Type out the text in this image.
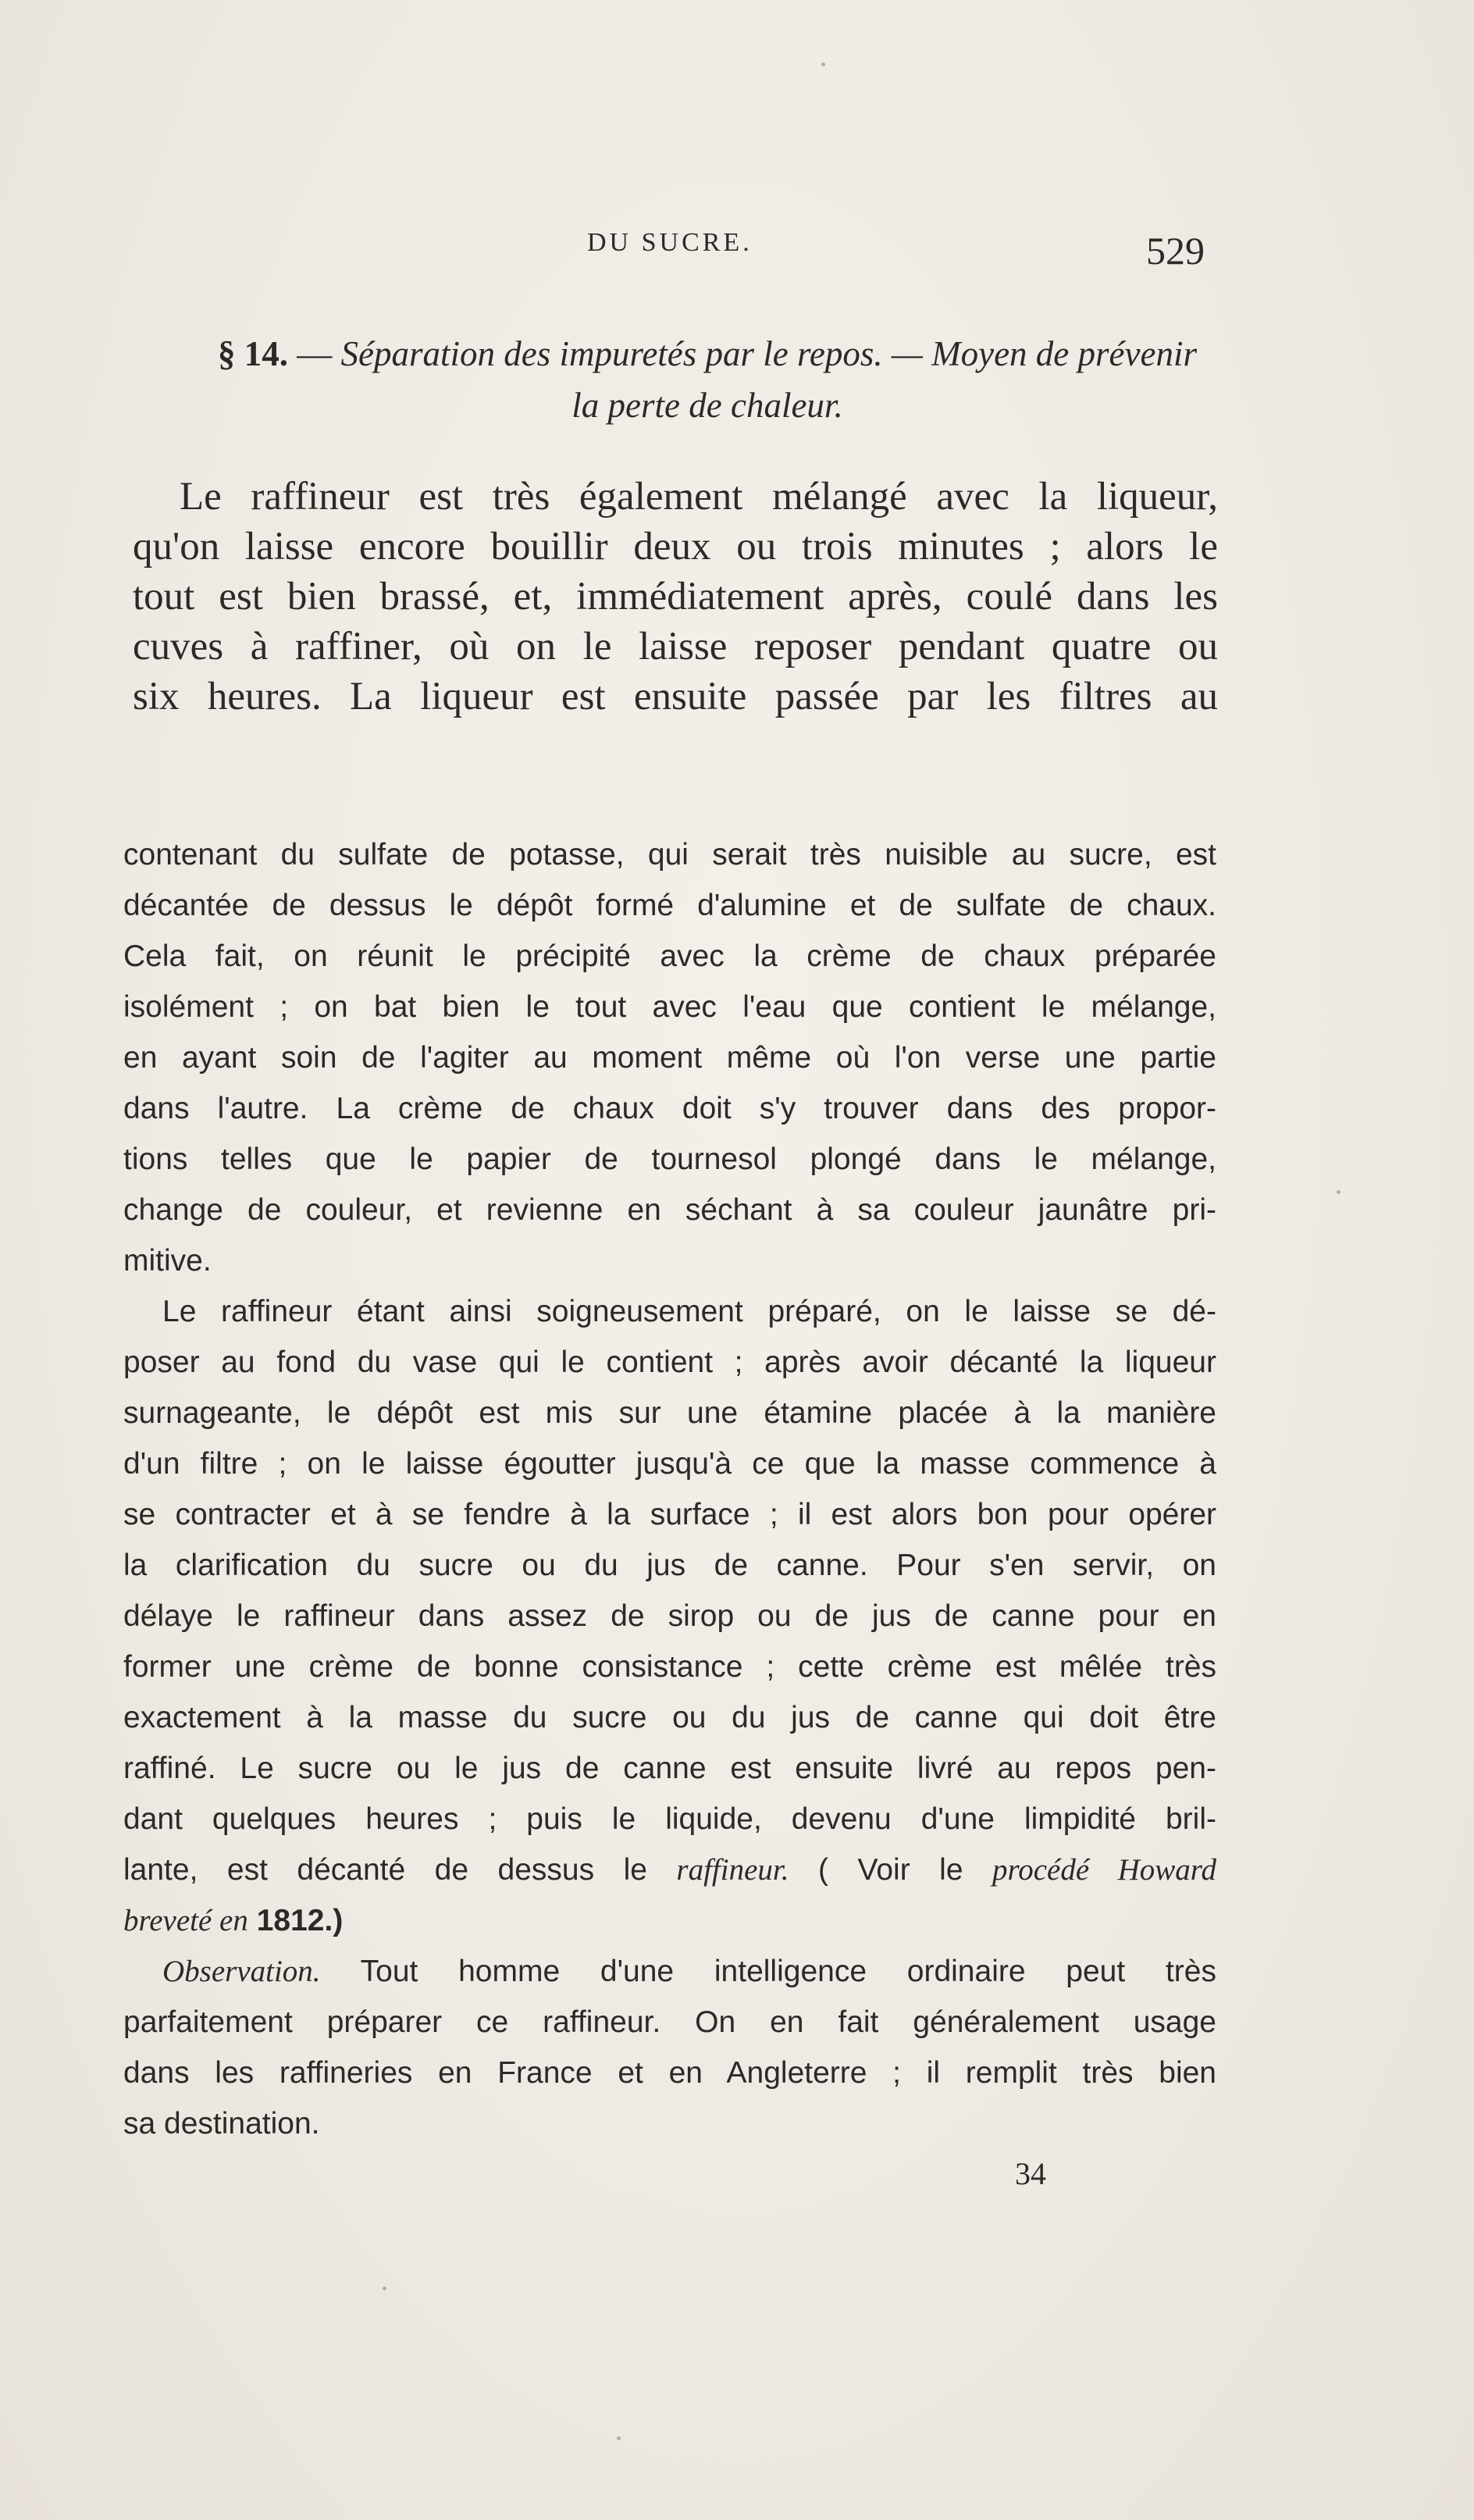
DU SUCRE.	529
§ 14. — Séparation des impuretés par le repos. — Moyen de prévenir
la perte de chaleur.
Le raffineur est très également mélangé avec la liqueur,
qu'on laisse encore bouillir deux ou trois minutes ; alors le
tout est bien brassé, et, immédiatement après, coulé dans les
cuves à raffiner, où on le laisse reposer pendant quatre ou
six heures. La liqueur est ensuite passée par les filtres au
contenant du sulfate de potasse, qui serait très nuisible au sucre, est
décantée de dessus le dépôt formé d'alumine et de sulfate de chaux.
Cela fait, on réunit le précipité avec la crème de chaux préparée
isolément ; on bat bien le tout avec l'eau que contient le mélange,
en ayant soin de l'agiter au moment même où l'on verse une partie
dans l'autre. La crème de chaux doit s'y trouver dans des propor-
tions telles que le papier de tournesol plongé dans le mélange,
change de couleur, et revienne en séchant à sa couleur jaunâtre pri-
mitive.
Le raffineur étant ainsi soigneusement préparé, on le laisse se dé-
poser au fond du vase qui le contient ; après avoir décanté la liqueur
surnageante, le dépôt est mis sur une étamine placée à la manière
d'un filtre ; on le laisse égoutter jusqu'à ce que la masse commence à
se contracter et à se fendre à la surface ; il est alors bon pour opérer
la clarification du sucre ou du jus de canne. Pour s'en servir, on
délaye le raffineur dans assez de sirop ou de jus de canne pour en
former une crème de bonne consistance ; cette crème est mêlée très
exactement à la masse du sucre ou du jus de canne qui doit être
raffiné. Le sucre ou le jus de canne est ensuite livré au repos pen-
dant quelques heures ; puis le liquide, devenu d'une limpidité bril-
lante, est décanté de dessus le raffineur. ( Voir le procédé Howard
breveté en 1812.)
Observation. Tout homme d'une intelligence ordinaire peut très
parfaitement préparer ce raffineur. On en fait généralement usage
dans les raffineries en France et en Angleterre ; il remplit très bien
sa destination.
34
